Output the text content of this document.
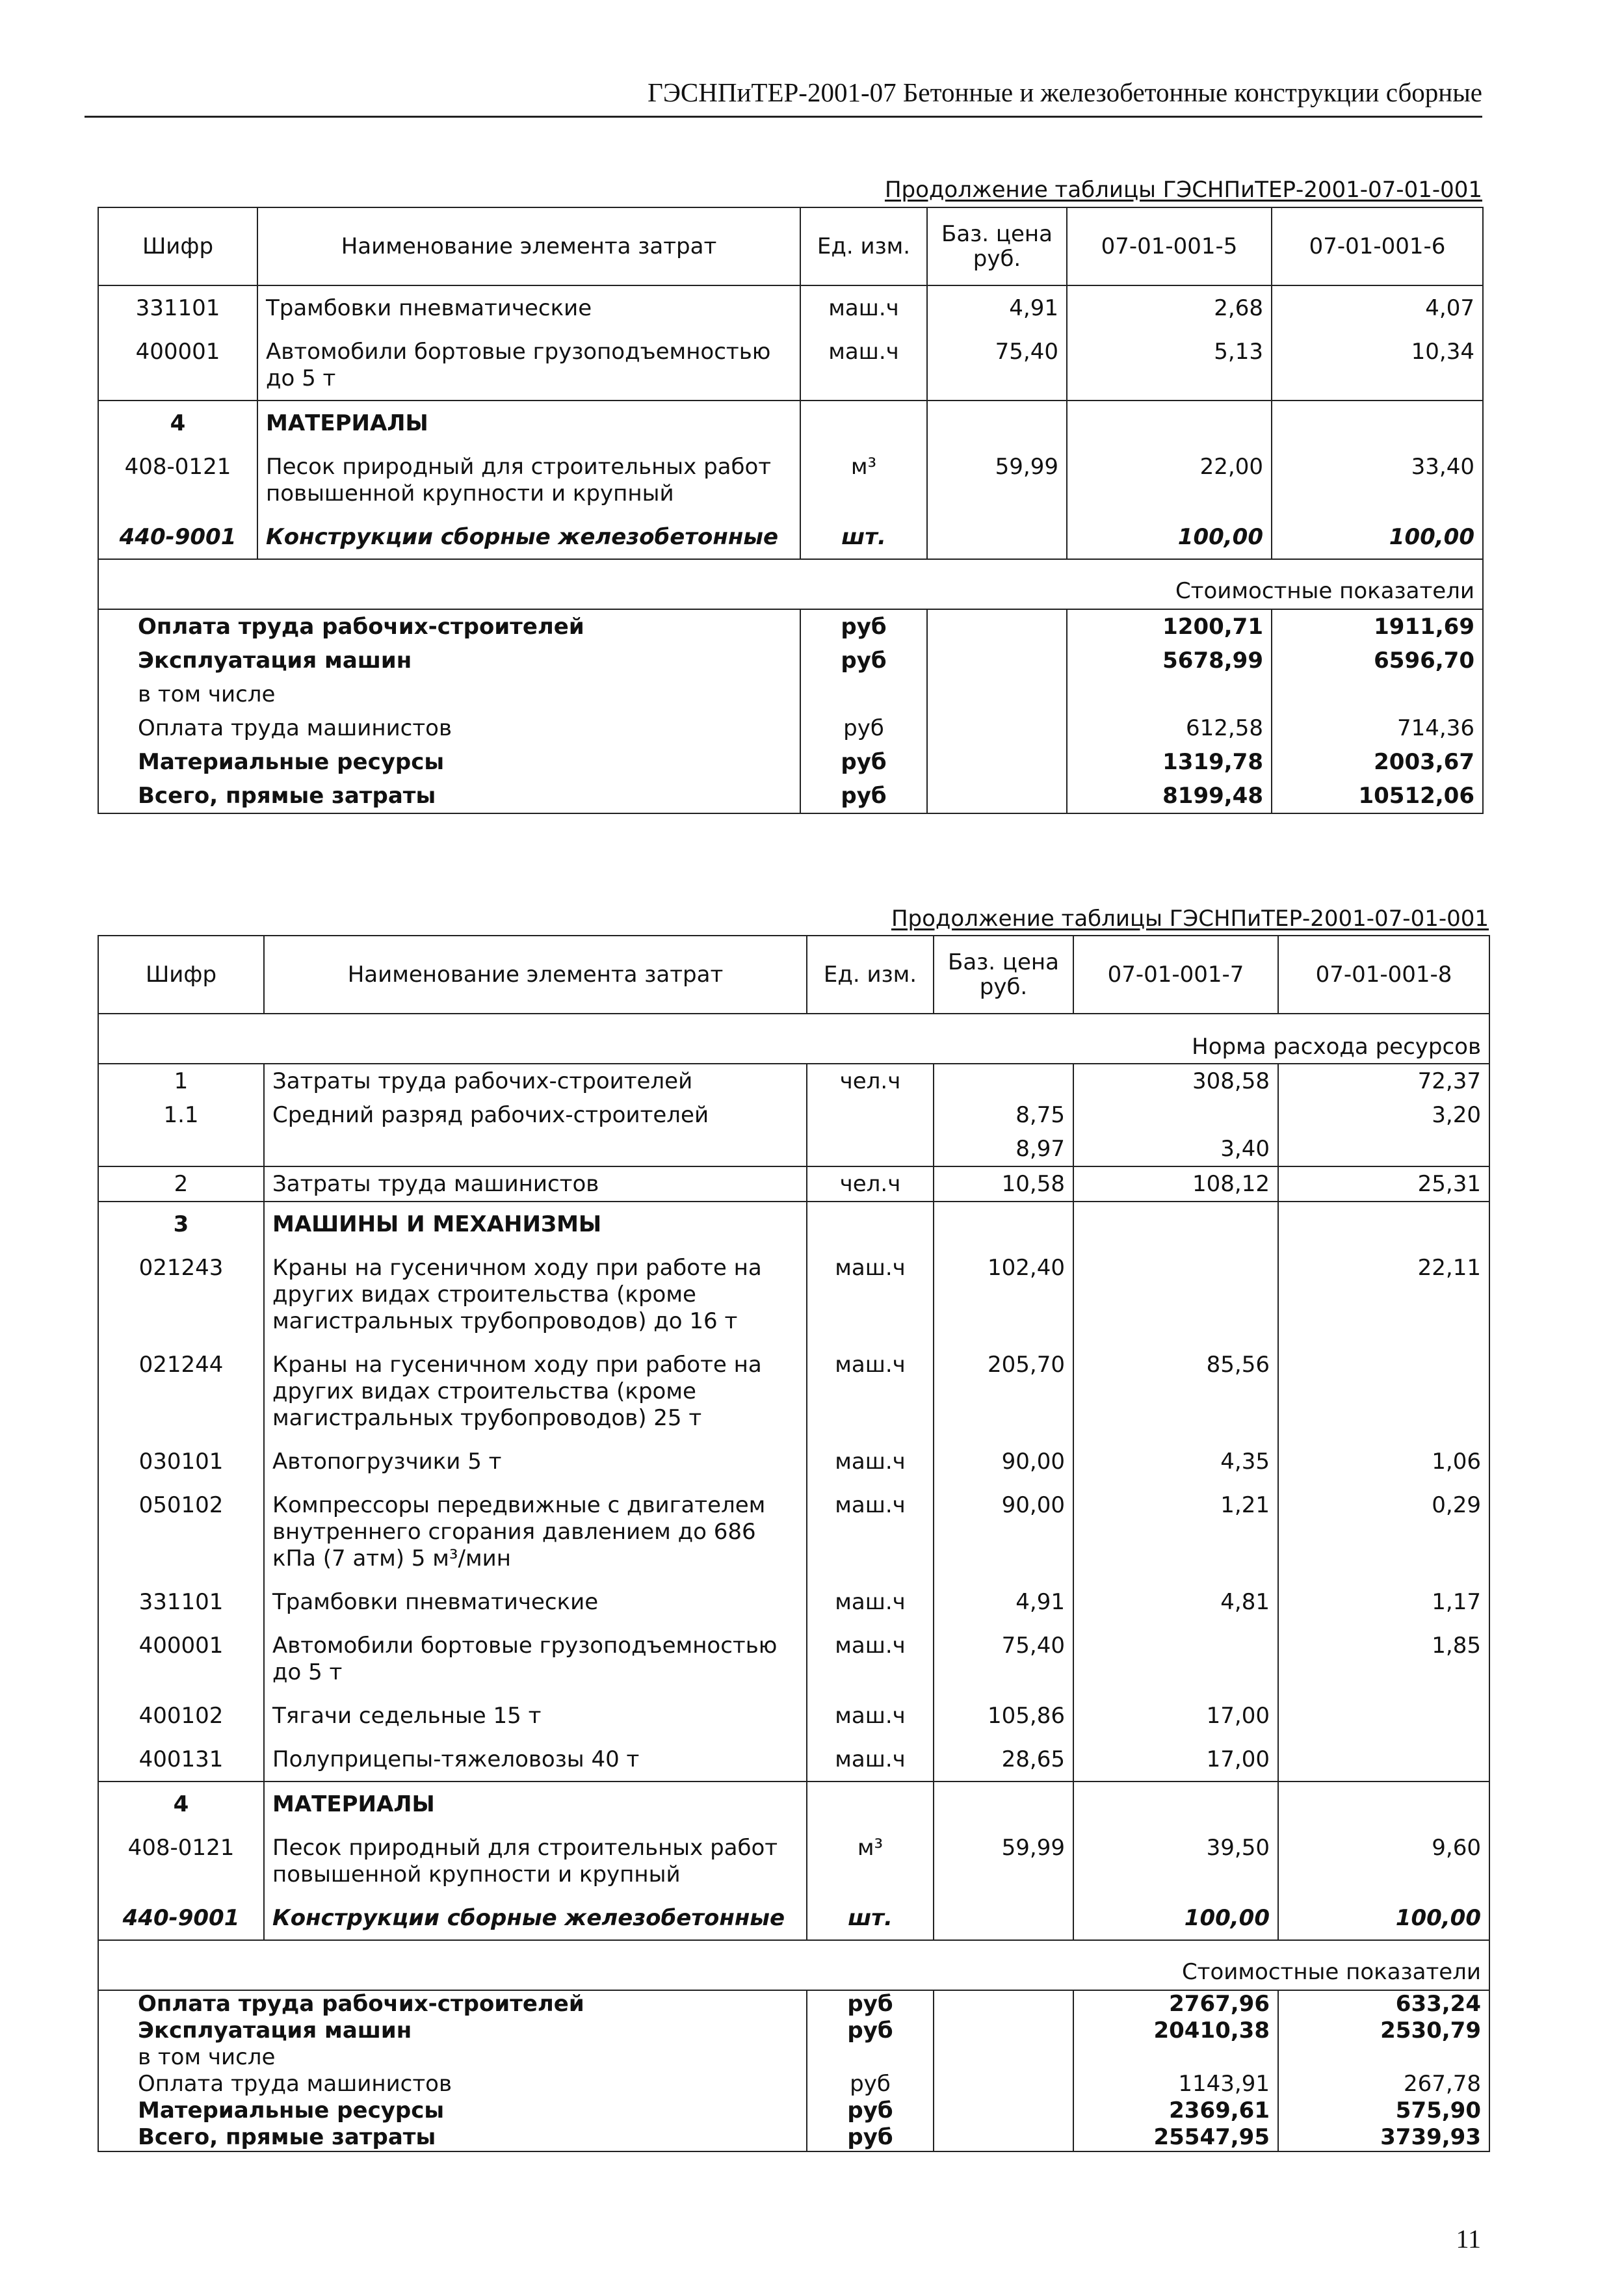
ГЭСНПиТЕР-2001-07 Бетонные и железобетонные конструкции сборные
Продолжение таблицы ГЭСНПиТЕР-2001-07-01-001
Шифр	Наименование элемента затрат	Ед. изм.	Баз. цена руб.	07-01-001-5	07-01-001-6
331101	Трамбовки пневматические	маш.ч	4,91	2,68	4,07
400001	Автомобили бортовые грузоподъемностью до 5 т	маш.ч	75,40	5,13	10,34
4	МАТЕРИАЛЫ				
408-0121	Песок природный для строительных работ повышенной крупности и крупный	м³	59,99	22,00	33,40
440-9001	Конструкции сборные железобетонные	шт.		100,00	100,00
Стоимостные показатели					
Оплата труда рабочих-строителей		руб		1200,71	1911,69
Эксплуатация машин		руб		5678,99	6596,70
в том числе					
Оплата труда машинистов		руб		612,58	714,36
Материальные ресурсы		руб		1319,78	2003,67
Всего, прямые затраты		руб		8199,48	10512,06
Продолжение таблицы ГЭСНПиТЕР-2001-07-01-001
Шифр	Наименование элемента затрат	Ед. изм.	Баз. цена руб.	07-01-001-7	07-01-001-8
Норма расхода ресурсов					
1	Затраты труда рабочих-строителей	чел.ч		308,58	72,37
1.1	Средний разряд рабочих-строителей		8,75		3,20
			8,97	3,40	
2	Затраты труда машинистов	чел.ч	10,58	108,12	25,31
3	МАШИНЫ И МЕХАНИЗМЫ				
021243	Краны на гусеничном ходу при работе на других видах строительства (кроме магистральных трубопроводов) до 16 т	маш.ч	102,40		22,11
021244	Краны на гусеничном ходу при работе на других видах строительства (кроме магистральных трубопроводов) 25 т	маш.ч	205,70	85,56	
030101	Автопогрузчики 5 т	маш.ч	90,00	4,35	1,06
050102	Компрессоры передвижные с двигателем внутреннего сгорания давлением до 686 кПа (7 атм) 5 м³/мин	маш.ч	90,00	1,21	0,29
331101	Трамбовки пневматические	маш.ч	4,91	4,81	1,17
400001	Автомобили бортовые грузоподъемностью до 5 т	маш.ч	75,40		1,85
400102	Тягачи седельные 15 т	маш.ч	105,86	17,00	
400131	Полуприцепы-тяжеловозы 40 т	маш.ч	28,65	17,00	
4	МАТЕРИАЛЫ				
408-0121	Песок природный для строительных работ повышенной крупности и крупный	м³	59,99	39,50	9,60
440-9001	Конструкции сборные железобетонные	шт.		100,00	100,00
Стоимостные показатели					
Оплата труда рабочих-строителей		руб		2767,96	633,24
Эксплуатация машин		руб		20410,38	2530,79
в том числе					
Оплата труда машинистов		руб		1143,91	267,78
Материальные ресурсы		руб		2369,61	575,90
Всего, прямые затраты		руб		25547,95	3739,93
11
